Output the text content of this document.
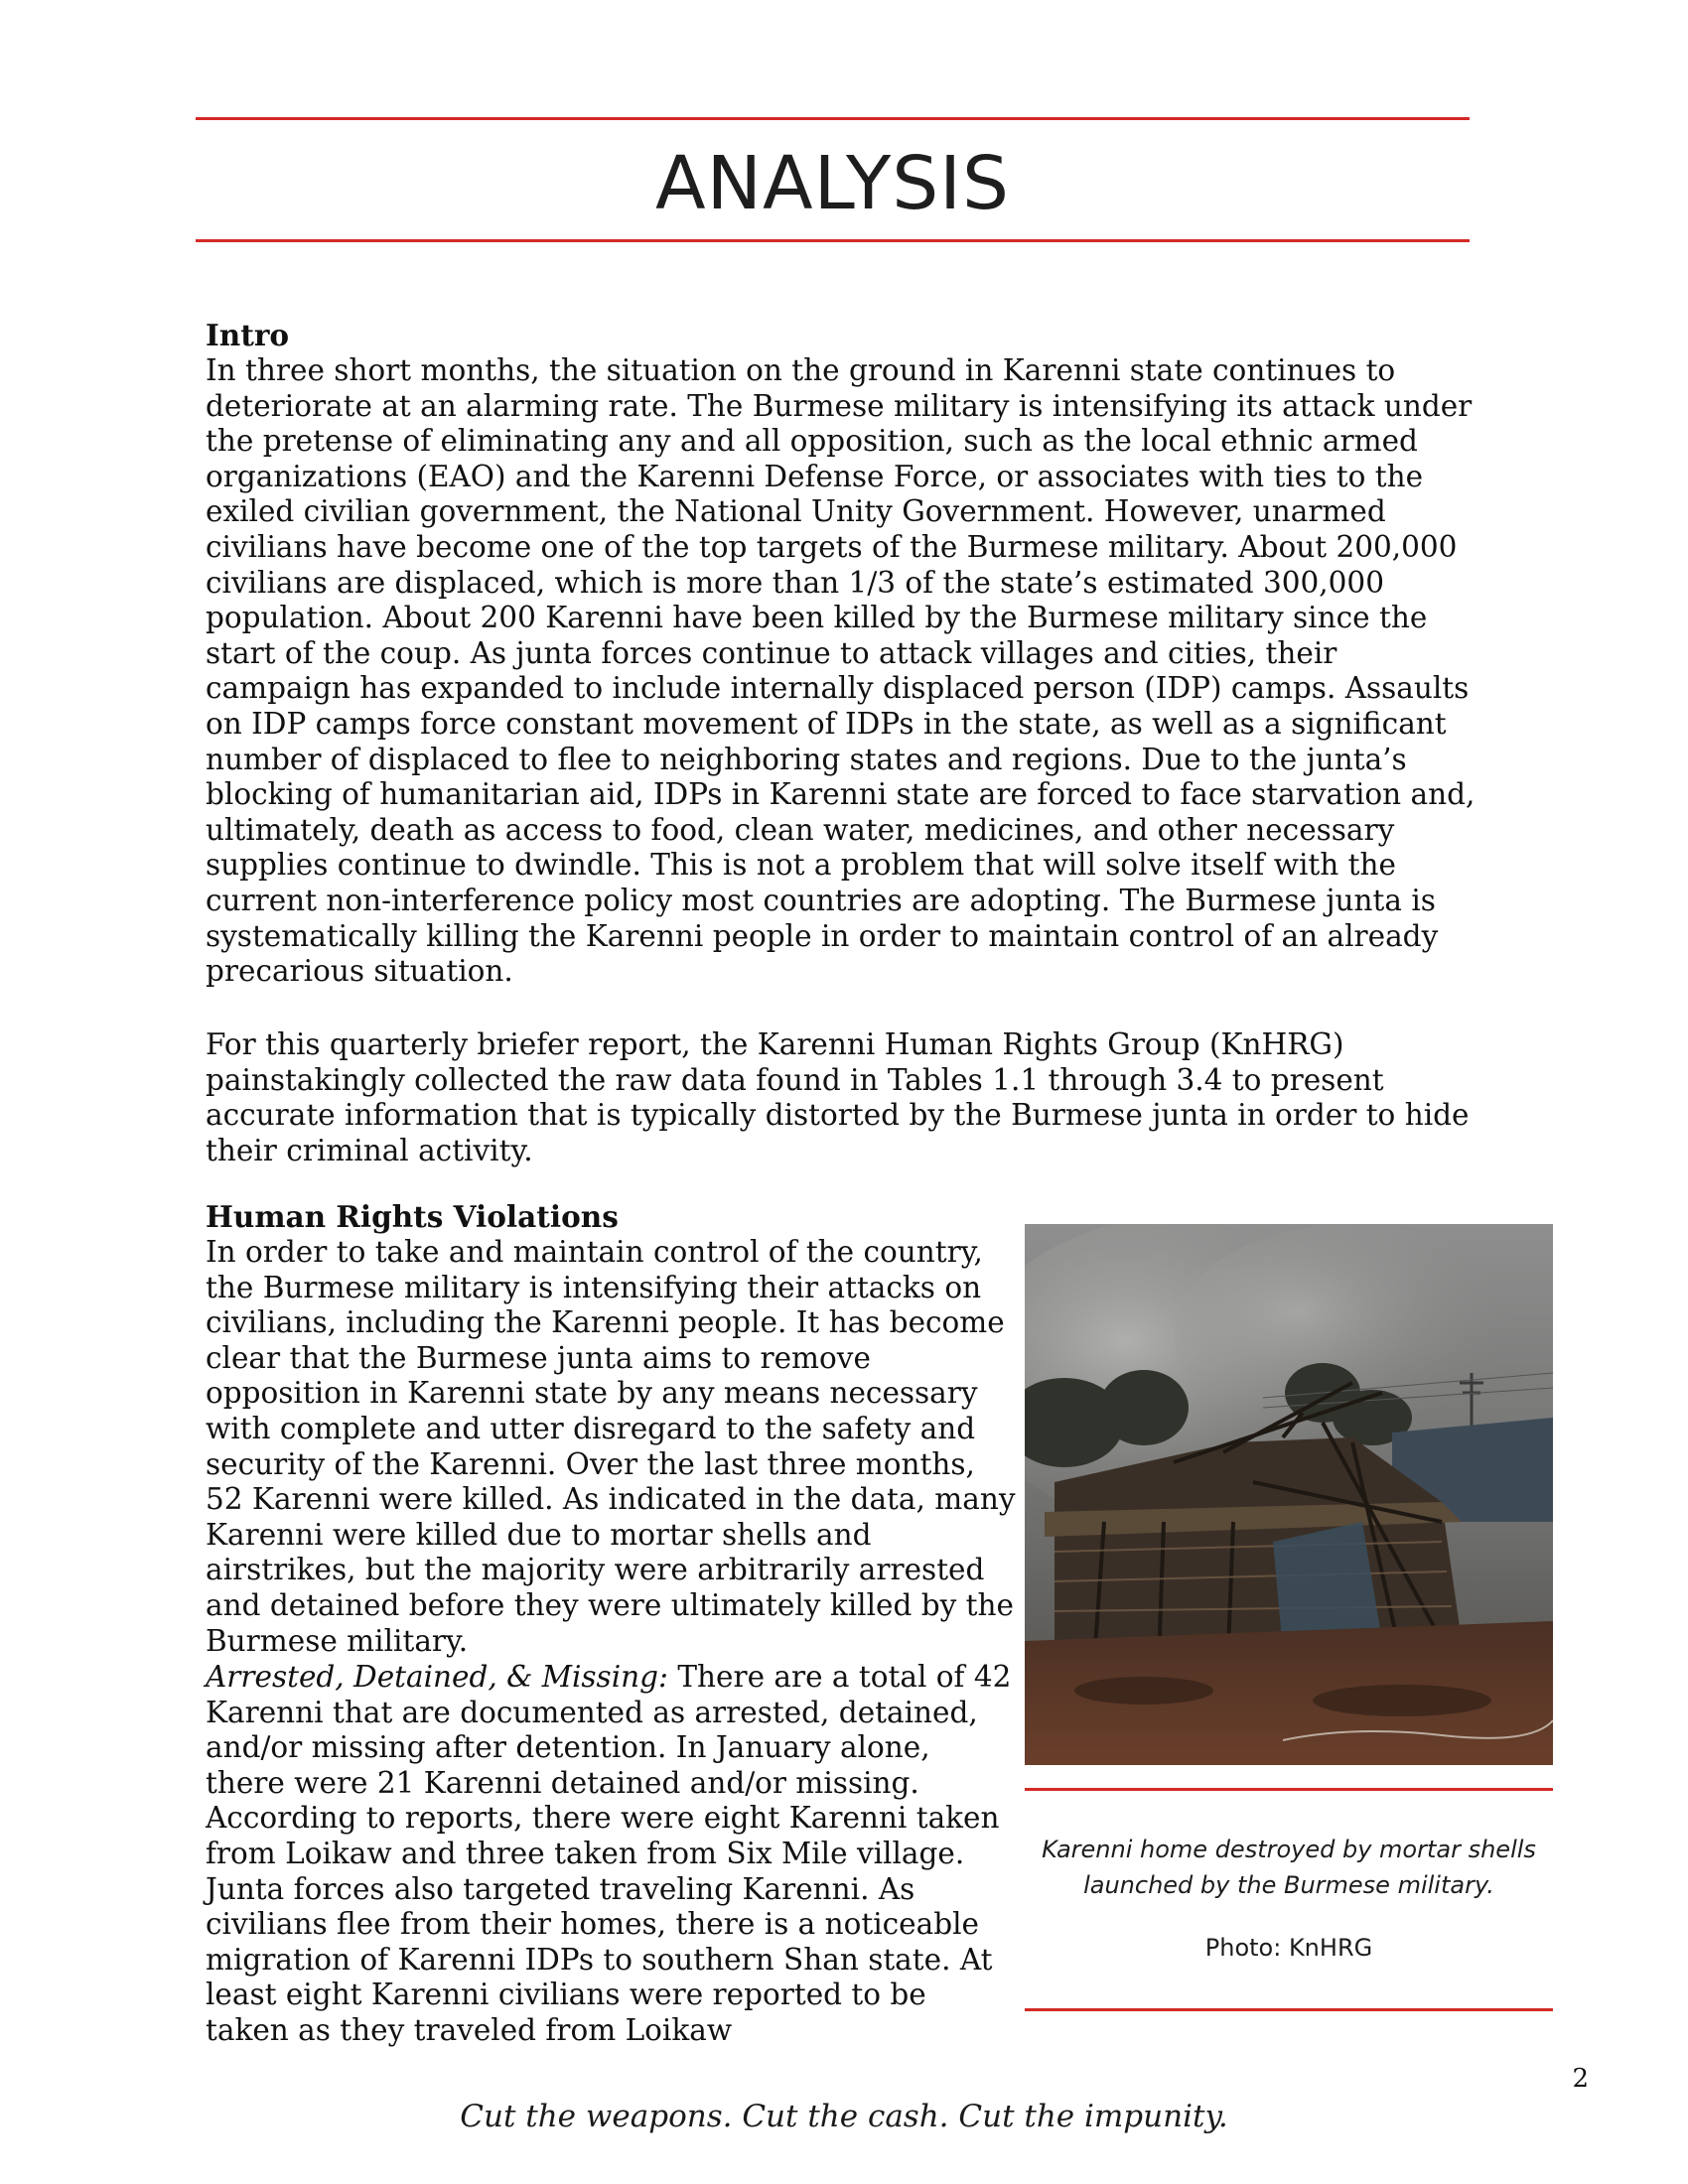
ANALYSIS
Intro

In three short months, the situation on the ground in Karenni state continues to deteriorate at an alarming rate. The Burmese military is intensifying its attack under the pretense of eliminating any and all opposition, such as the local ethnic armed organizations (EAO) and the Karenni Defense Force, or associates with ties to the exiled civilian government, the National Unity Government. However, unarmed civilians have become one of the top targets of the Burmese military. About 200,000 civilians are displaced, which is more than 1/3 of the state’s estimated 300,000 population. About 200 Karenni have been killed by the Burmese military since the start of the coup. As junta forces continue to attack villages and cities, their campaign has expanded to include internally displaced person (IDP) camps. Assaults on IDP camps force constant movement of IDPs in the state, as well as a significant number of displaced to flee to neighboring states and regions. Due to the junta’s blocking of humanitarian aid, IDPs in Karenni state are forced to face starvation and, ultimately, death as access to food, clean water, medicines, and other necessary supplies continue to dwindle. This is not a problem that will solve itself with the current non-interference policy most countries are adopting. The Burmese junta is systematically killing the Karenni people in order to maintain control of an already precarious situation.

For this quarterly briefer report, the Karenni Human Rights Group (KnHRG) painstakingly collected the raw data found in Tables 1.1 through 3.4 to present accurate information that is typically distorted by the Burmese junta in order to hide their criminal activity.

Human Rights Violations

In order to take and maintain control of the country, the Burmese military is intensifying their attacks on civilians, including the Karenni people. It has become clear that the Burmese junta aims to remove opposition in Karenni state by any means necessary with complete and utter disregard to the safety and security of the Karenni. Over the last three months, 52 Karenni were killed. As indicated in the data, many Karenni were killed due to mortar shells and airstrikes, but the majority were arbitrarily arrested and detained before they were ultimately killed by the Burmese military.

Arrested, Detained, & Missing: There are a total of 42 Karenni that are documented as arrested, detained, and/or missing after detention. In January alone, there were 21 Karenni detained and/or missing. According to reports, there were eight Karenni taken from Loikaw and three taken from Six Mile village. Junta forces also targeted traveling Karenni. As civilians flee from their homes, there is a noticeable migration of Karenni IDPs to southern Shan state. At least eight Karenni civilians were reported to be taken as they traveled from Loikaw

Karenni home destroyed by mortar shells launched by the Burmese military.
Photo: KnHRG
2
Cut the weapons. Cut the cash. Cut the impunity.
